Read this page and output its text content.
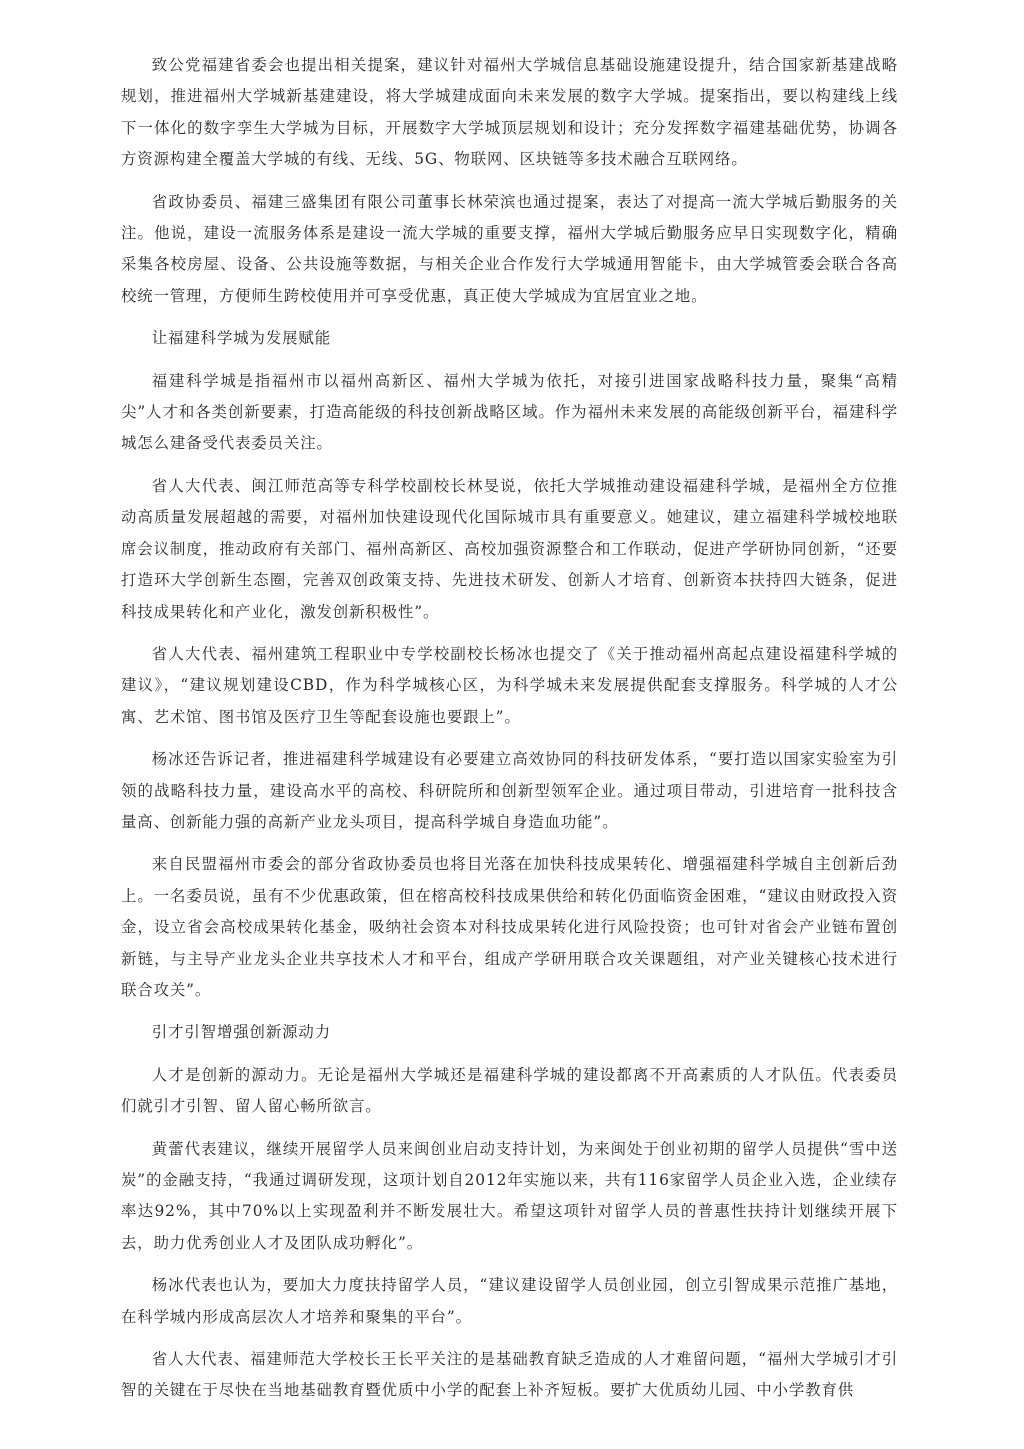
致公党福建省委会也提出相关提案，建议针对福州大学城信息基础设施建设提升，结合国家新基建战略规划，推进福州大学城新基建建设，将大学城建成面向未来发展的数字大学城。提案指出，要以构建线上线下一体化的数字孪生大学城为目标，开展数字大学城顶层规划和设计；充分发挥数字福建基础优势，协调各方资源构建全覆盖大学城的有线、无线、5G、物联网、区块链等多技术融合互联网络。

省政协委员、福建三盛集团有限公司董事长林荣滨也通过提案，表达了对提高一流大学城后勤服务的关注。他说，建设一流服务体系是建设一流大学城的重要支撑，福州大学城后勤服务应早日实现数字化，精确采集各校房屋、设备、公共设施等数据，与相关企业合作发行大学城通用智能卡，由大学城管委会联合各高校统一管理，方便师生跨校使用并可享受优惠，真正使大学城成为宜居宜业之地。

让福建科学城为发展赋能

福建科学城是指福州市以福州高新区、福州大学城为依托，对接引进国家战略科技力量，聚集“高精尖”人才和各类创新要素，打造高能级的科技创新战略区域。作为福州未来发展的高能级创新平台，福建科学城怎么建备受代表委员关注。

省人大代表、闽江师范高等专科学校副校长林旻说，依托大学城推动建设福建科学城，是福州全方位推动高质量发展超越的需要，对福州加快建设现代化国际城市具有重要意义。她建议，建立福建科学城校地联席会议制度，推动政府有关部门、福州高新区、高校加强资源整合和工作联动，促进产学研协同创新，“还要打造环大学创新生态圈，完善双创政策支持、先进技术研发、创新人才培育、创新资本扶持四大链条，促进科技成果转化和产业化，激发创新积极性”。

省人大代表、福州建筑工程职业中专学校副校长杨冰也提交了《关于推动福州高起点建设福建科学城的建议》，“建议规划建设CBD，作为科学城核心区，为科学城未来发展提供配套支撑服务。科学城的人才公寓、艺术馆、图书馆及医疗卫生等配套设施也要跟上”。

杨冰还告诉记者，推进福建科学城建设有必要建立高效协同的科技研发体系，“要打造以国家实验室为引领的战略科技力量，建设高水平的高校、科研院所和创新型领军企业。通过项目带动，引进培育一批科技含量高、创新能力强的高新产业龙头项目，提高科学城自身造血功能”。

来自民盟福州市委会的部分省政协委员也将目光落在加快科技成果转化、增强福建科学城自主创新后劲上。一名委员说，虽有不少优惠政策，但在榕高校科技成果供给和转化仍面临资金困难，“建议由财政投入资金，设立省会高校成果转化基金，吸纳社会资本对科技成果转化进行风险投资；也可针对省会产业链布置创新链，与主导产业龙头企业共享技术人才和平台，组成产学研用联合攻关课题组，对产业关键核心技术进行联合攻关”。

引才引智增强创新源动力

人才是创新的源动力。无论是福州大学城还是福建科学城的建设都离不开高素质的人才队伍。代表委员们就引才引智、留人留心畅所欲言。

黄蕾代表建议，继续开展留学人员来闽创业启动支持计划，为来闽处于创业初期的留学人员提供“雪中送炭”的金融支持，“我通过调研发现，这项计划自2012年实施以来，共有116家留学人员企业入选，企业续存率达92%，其中70%以上实现盈利并不断发展壮大。希望这项针对留学人员的普惠性扶持计划继续开展下去，助力优秀创业人才及团队成功孵化”。

杨冰代表也认为，要加大力度扶持留学人员，“建议建设留学人员创业园，创立引智成果示范推广基地，在科学城内形成高层次人才培养和聚集的平台”。

省人大代表、福建师范大学校长王长平关注的是基础教育缺乏造成的人才难留问题，“福州大学城引才引智的关键在于尽快在当地基础教育暨优质中小学的配套上补齐短板。要扩大优质幼儿园、中小学教育供
